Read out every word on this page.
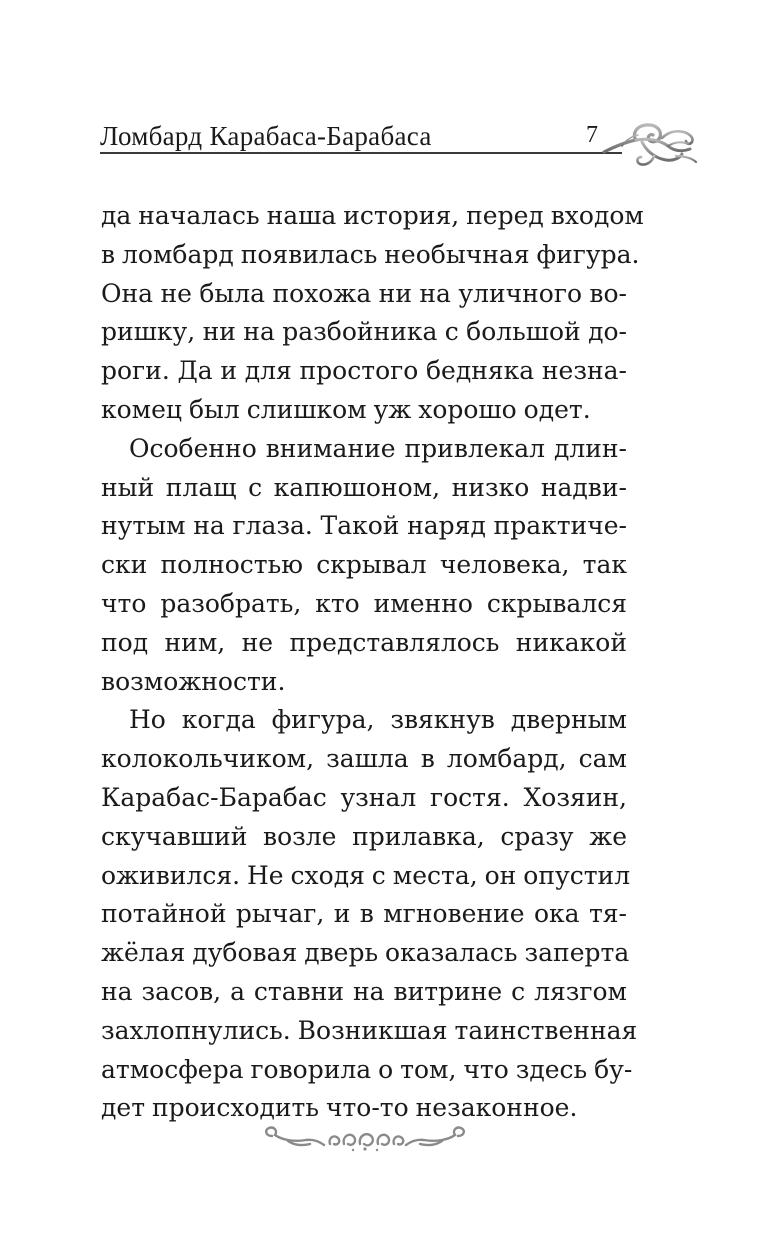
Ломбард Карабаса-Барабаса	7
да началась наша история, перед входом
в ломбард появилась необычная фигура.
Она не была похожа ни на уличного во-
ришку, ни на разбойника с большой до-
роги. Да и для простого бедняка незна-
комец был слишком уж хорошо одет.
Особенно внимание привлекал длин-
ный плащ с капюшоном, низко надви-
нутым на глаза. Такой наряд практиче-
ски полностью скрывал человека, так
что разобрать, кто именно скрывался
под ним, не представлялось никакой
возможности.
Но когда фигура, звякнув дверным
колокольчиком, зашла в ломбард, сам
Карабас-Барабас узнал гостя. Хозяин,
скучавший возле прилавка, сразу же
оживился. Не сходя с места, он опустил
потайной рычаг, и в мгновение ока тя-
жёлая дубовая дверь оказалась заперта
на засов, а ставни на витрине с лязгом
захлопнулись. Возникшая таинственная
атмосфера говорила о том, что здесь бу-
дет происходить что-то незаконное.
